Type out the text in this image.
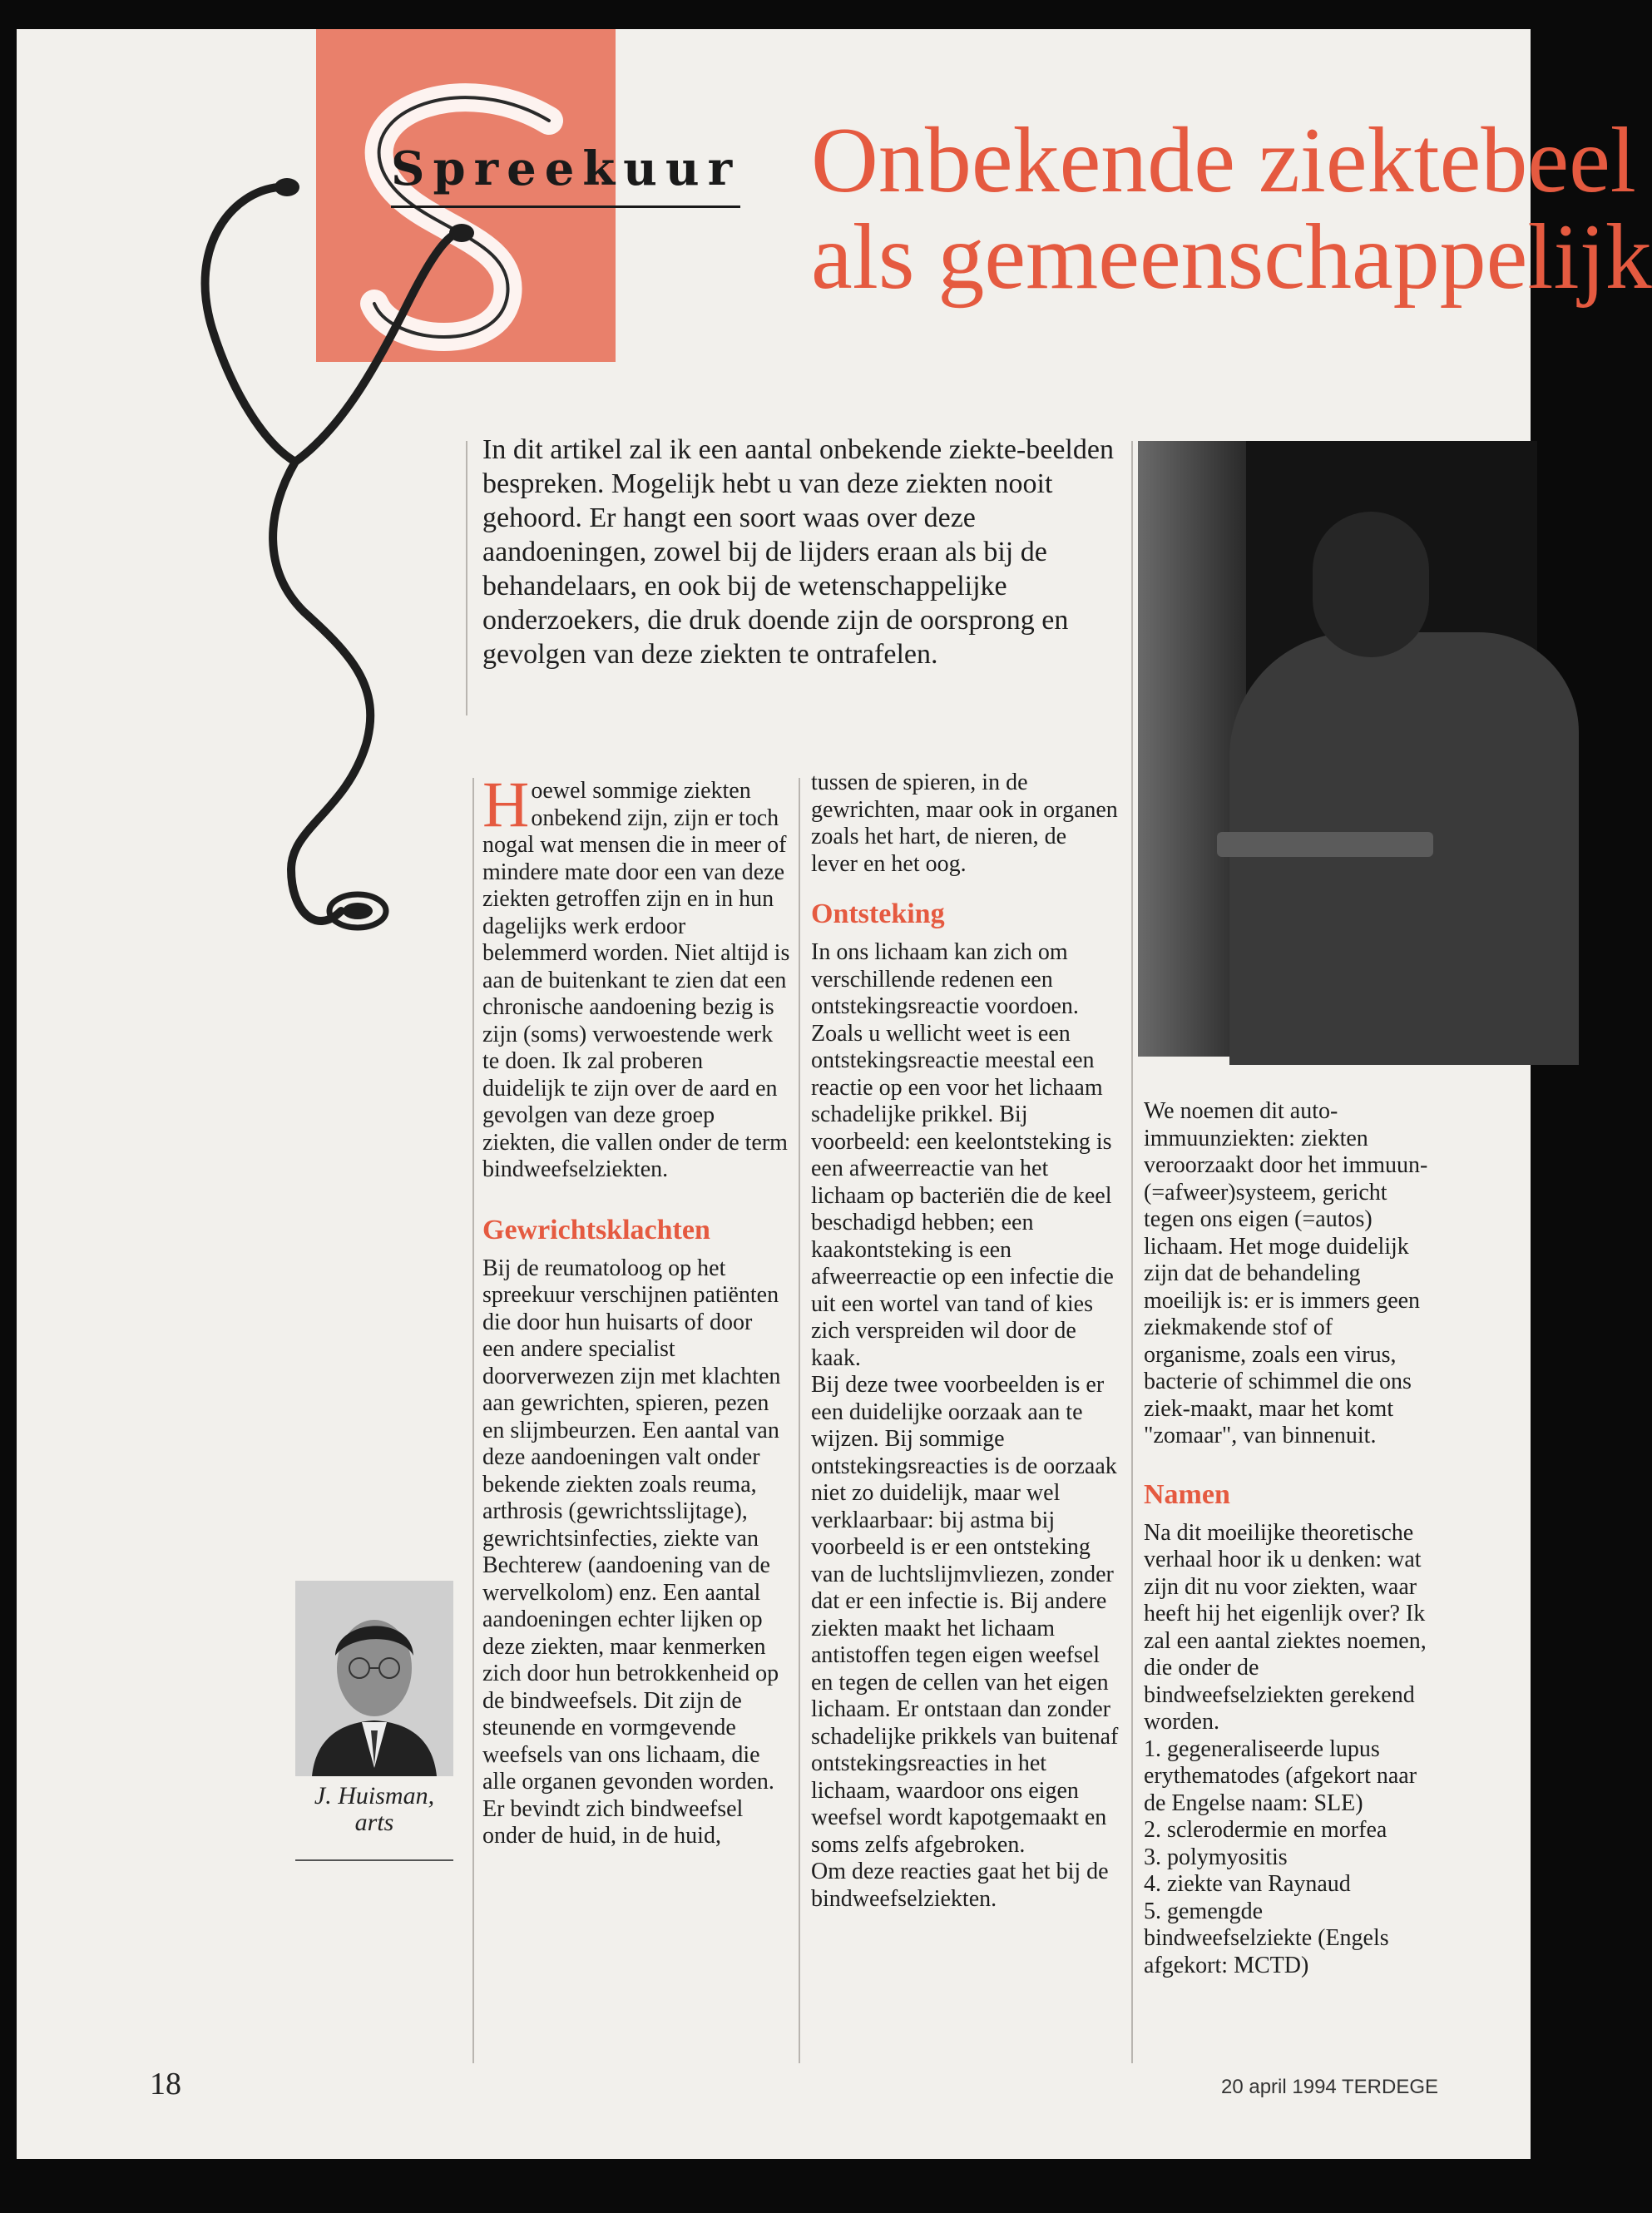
Spreekuur Onbekende ziektebeel
als gemeenschappelijk
In dit artikel zal ik een aantal onbekende ziekte-beelden bespreken. Mogelijk hebt u van deze ziekten nooit gehoord. Er hangt een soort waas over deze aandoeningen, zowel bij de lijders eraan als bij de behandelaars, en ook bij de wetenschappelijke onderzoekers, die druk doende zijn de oorsprong en gevolgen van deze ziekten te ontrafelen.

Hoewel sommige ziekten onbekend zijn, zijn er toch nogal wat mensen die in meer of mindere mate door een van deze ziekten getroffen zijn en in hun dagelijks werk erdoor belemmerd worden. Niet altijd is aan de buitenkant te zien dat een chronische aandoening bezig is zijn (soms) verwoestende werk te doen. Ik zal proberen duidelijk te zijn over de aard en gevolgen van deze groep ziekten, die vallen onder de term bindweefselziekten.

Gewrichtsklachten

Bij de reumatoloog op het spreekuur verschijnen patiënten die door hun huisarts of door een andere specialist doorverwezen zijn met klachten aan gewrichten, spieren, pezen en slijmbeurzen. Een aantal van deze aandoeningen valt onder bekende ziekten zoals reuma, arthrosis (gewrichtsslijtage), gewrichtsinfecties, ziekte van Bechterew (aandoening van de wervelkolom) enz. Een aantal aandoeningen echter lijken op deze ziekten, maar kenmerken zich door hun betrokkenheid op de bindweefsels. Dit zijn de steunende en vormgevende weefsels van ons lichaam, die alle organen gevonden worden. Er bevindt zich bindweefsel onder de huid, in de huid,

tussen de spieren, in de gewrichten, maar ook in organen zoals het hart, de nieren, de lever en het oog.

Ontsteking

In ons lichaam kan zich om verschillende redenen een ontstekingsreactie voordoen. Zoals u wellicht weet is een ontstekingsreactie meestal een reactie op een voor het lichaam schadelijke prikkel. Bij voorbeeld: een keelontsteking is een afweerreactie van het lichaam op bacteriën die de keel beschadigd hebben; een kaakontsteking is een afweerreactie op een infectie die uit een wortel van tand of kies zich verspreiden wil door de kaak.

Bij deze twee voorbeelden is er een duidelijke oorzaak aan te wijzen. Bij sommige ontstekingsreacties is de oorzaak niet zo duidelijk, maar wel verklaarbaar: bij astma bij voorbeeld is er een ontsteking van de luchtslijmvliezen, zonder dat er een infectie is. Bij andere ziekten maakt het lichaam antistoffen tegen eigen weefsel en tegen de cellen van het eigen lichaam. Er ontstaan dan zonder schadelijke prikkels van buitenaf ontstekingsreacties in het lichaam, waardoor ons eigen weefsel wordt kapotgemaakt en soms zelfs afgebroken.

Om deze reacties gaat het bij de bindweefselziekten.

We noemen dit auto-immuunziekten: ziekten veroorzaakt door het immuun- (=afweer)systeem, gericht tegen ons eigen (=autos) lichaam. Het moge duidelijk zijn dat de behandeling moeilijk is: er is immers geen ziekmakende stof of organisme, zoals een virus, bacterie of schimmel die ons ziek-maakt, maar het komt "zomaar", van binnenuit.

Namen

Na dit moeilijke theoretische verhaal hoor ik u denken: wat zijn dit nu voor ziekten, waar heeft hij het eigenlijk over? Ik zal een aantal ziektes noemen, die onder de bindweefselziekten gerekend worden.

1. gegeneraliseerde lupus erythematodes (afgekort naar de Engelse naam: SLE)

2. sclerodermie en morfea

3. polymyositis

4. ziekte van Raynaud

5. gemengde bindweefselziekte (Engels afgekort: MCTD)

J. Huisman,
arts
18	20 april 1994 TERDEGE
